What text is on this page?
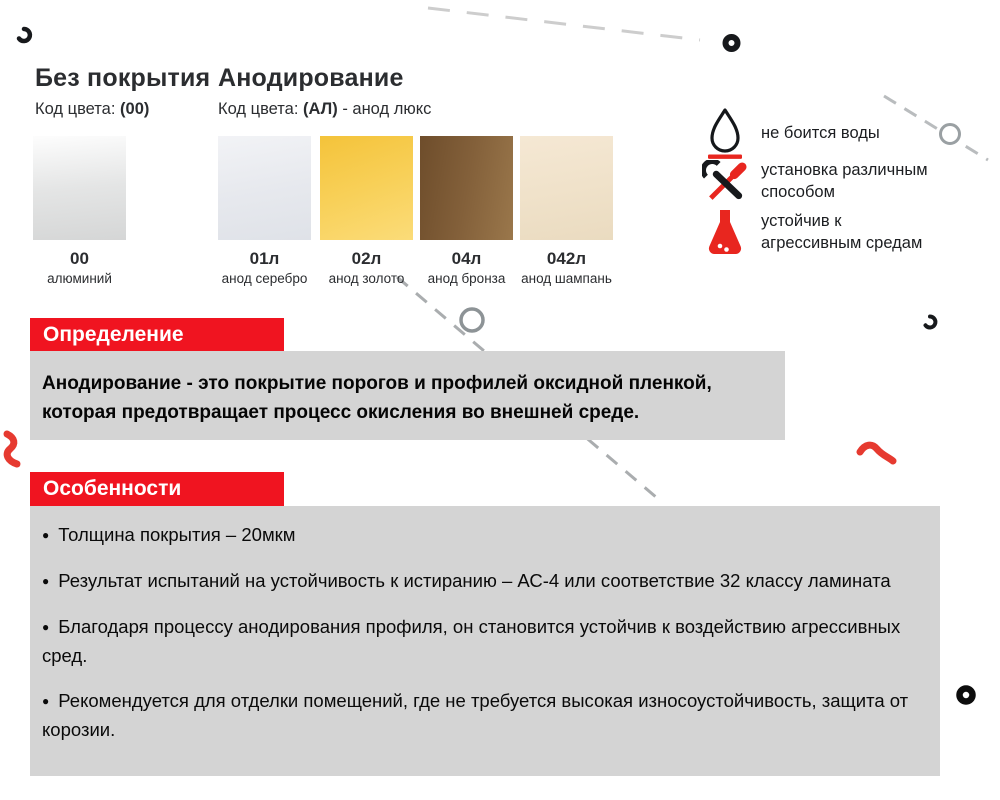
Без покрытия
Код цвета: (00)
Анодирование
Код цвета: (АЛ) - анод люкс
00
алюминий
01л
анод серебро
02л
анод золото
04л
анод бронза
042л
анод шампань
не боится воды
установка различным способом
устойчив к агрессивным средам
Определение
Анодирование - это покрытие порогов и профилей оксидной пленкой, которая предотвращает процесс окисления во внешней среде.
Особенности

● Толщина покрытия – 20мкм

● Результат испытаний на устойчивость к истиранию – АС-4 или соответствие 32 классу ламината

● Благодаря процессу анодирования профиля, он становится устойчив к воздействию агрессивных сред.

● Рекомендуется для отделки помещений, где не требуется высокая износоустойчивость, защита от корозии.
